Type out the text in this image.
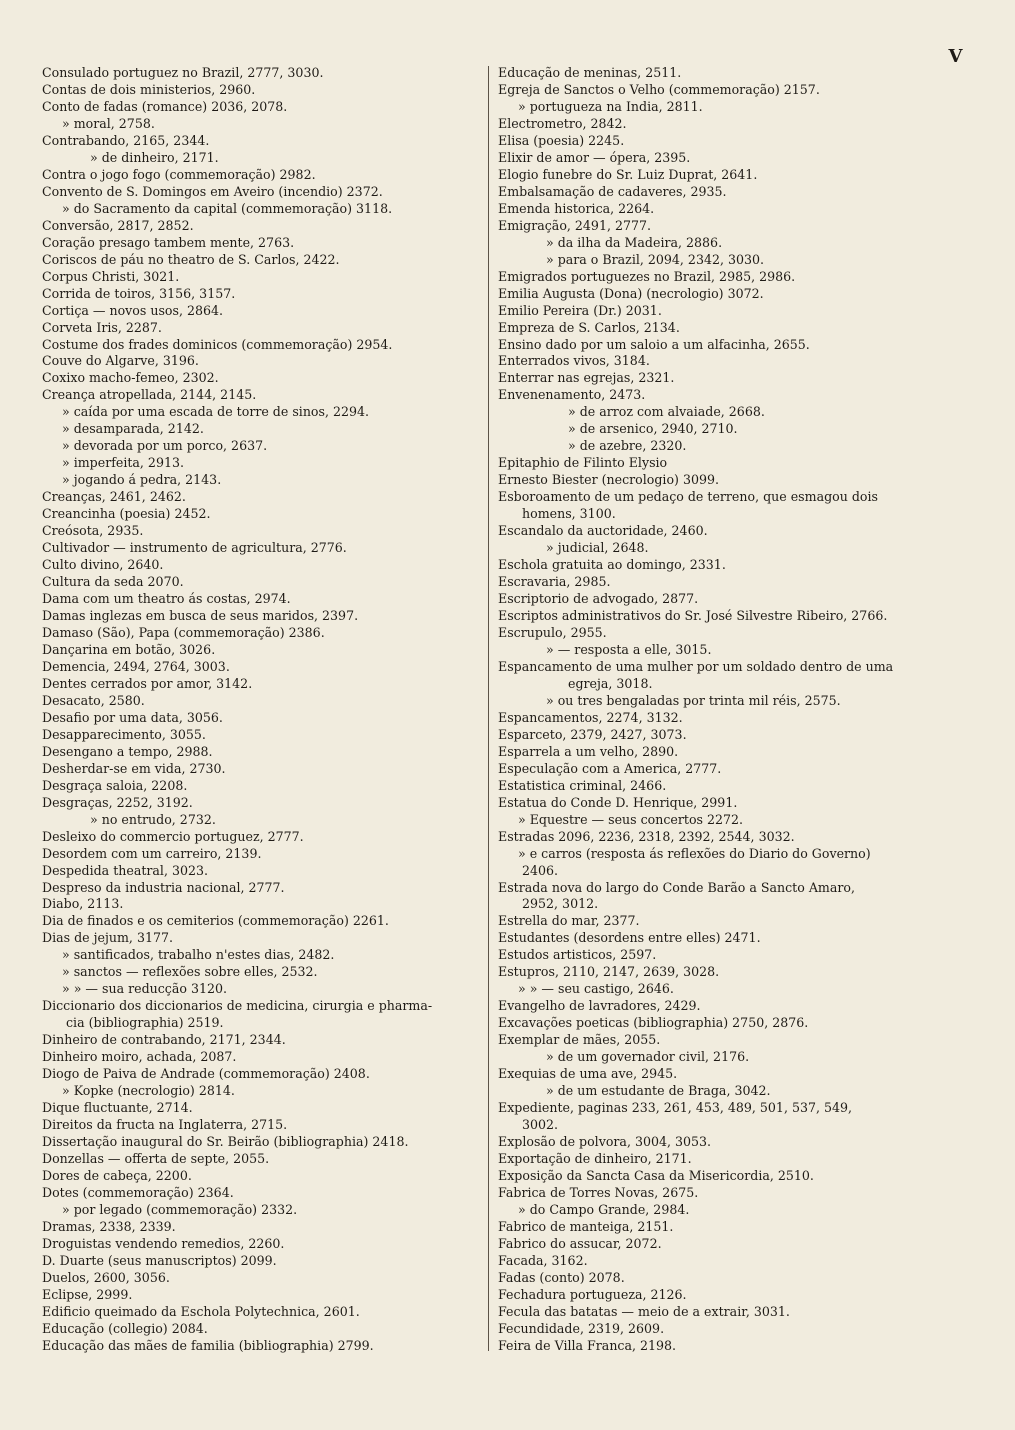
V
Consulado portuguez no Brazil, 2777, 3030.
Contas de dois ministerios, 2960.
Conto de fadas (romance) 2036, 2078.
» moral, 2758.
Contrabando, 2165, 2344.
» de dinheiro, 2171.
Contra o jogo fogo (commemoração) 2982.
Convento de S. Domingos em Aveiro (incendio) 2372.
» do Sacramento da capital (commemoração) 3118.
Conversão, 2817, 2852.
Coração presago tambem mente, 2763.
Coriscos de páu no theatro de S. Carlos, 2422.
Corpus Christi, 3021.
Corrida de toiros, 3156, 3157.
Cortiça — novos usos, 2864.
Corveta Iris, 2287.
Costume dos frades dominicos (commemoração) 2954.
Couve do Algarve, 3196.
Coxixo macho-femeo, 2302.
Creança atropellada, 2144, 2145.
» caída por uma escada de torre de sinos, 2294.
» desamparada, 2142.
» devorada por um porco, 2637.
» imperfeita, 2913.
» jogando á pedra, 2143.
Creanças, 2461, 2462.
Creancinha (poesia) 2452.
Creósota, 2935.
Cultivador — instrumento de agricultura, 2776.
Culto divino, 2640.
Cultura da seda 2070.
Dama com um theatro ás costas, 2974.
Damas inglezas em busca de seus maridos, 2397.
Damaso (São), Papa (commemoração) 2386.
Dançarina em botão, 3026.
Demencia, 2494, 2764, 3003.
Dentes cerrados por amor, 3142.
Desacato, 2580.
Desafio por uma data, 3056.
Desapparecimento, 3055.
Desengano a tempo, 2988.
Desherdar-se em vida, 2730.
Desgraça saloia, 2208.
Desgraças, 2252, 3192.
» no entrudo, 2732.
Desleixo do commercio portuguez, 2777.
Desordem com um carreiro, 2139.
Despedida theatral, 3023.
Despreso da industria nacional, 2777.
Diabo, 2113.
Dia de finados e os cemiterios (commemoração) 2261.
Dias de jejum, 3177.
» santificados, trabalho n'estes dias, 2482.
» sanctos — reflexões sobre elles, 2532.
» » — sua reducção 3120.
Diccionario dos diccionarios de medicina, cirurgia e pharma-
cia (bibliographia) 2519.
Dinheiro de contrabando, 2171, 2344.
Dinheiro moiro, achada, 2087.
Diogo de Paiva de Andrade (commemoração) 2408.
» Kopke (necrologio) 2814.
Dique fluctuante, 2714.
Direitos da fructa na Inglaterra, 2715.
Dissertação inaugural do Sr. Beirão (bibliographia) 2418.
Donzellas — offerta de septe, 2055.
Dores de cabeça, 2200.
Dotes (commemoração) 2364.
» por legado (commemoração) 2332.
Dramas, 2338, 2339.
Droguistas vendendo remedios, 2260.
D. Duarte (seus manuscriptos) 2099.
Duelos, 2600, 3056.
Eclipse, 2999.
Edificio queimado da Eschola Polytechnica, 2601.
Educação (collegio) 2084.
Educação das mães de familia (bibliographia) 2799.
Educação de meninas, 2511.
Egreja de Sanctos o Velho (commemoração) 2157.
» portugueza na India, 2811.
Electrometro, 2842.
Elisa (poesia) 2245.
Elixir de amor — ópera, 2395.
Elogio funebre do Sr. Luiz Duprat, 2641.
Embalsamação de cadaveres, 2935.
Emenda historica, 2264.
Emigração, 2491, 2777.
» da ilha da Madeira, 2886.
» para o Brazil, 2094, 2342, 3030.
Emigrados portuguezes no Brazil, 2985, 2986.
Emilia Augusta (Dona) (necrologio) 3072.
Emilio Pereira (Dr.) 2031.
Empreza de S. Carlos, 2134.
Ensino dado por um saloio a um alfacinha, 2655.
Enterrados vivos, 3184.
Enterrar nas egrejas, 2321.
Envenenamento, 2473.
» de arroz com alvaiade, 2668.
» de arsenico, 2940, 2710.
» de azebre, 2320.
Epitaphio de Filinto Elysio
Ernesto Biester (necrologio) 3099.
Esboroamento de um pedaço de terreno, que esmagou dois
homens, 3100.
Escandalo da auctoridade, 2460.
» judicial, 2648.
Eschola gratuita ao domingo, 2331.
Escravaria, 2985.
Escriptorio de advogado, 2877.
Escriptos administrativos do Sr. José Silvestre Ribeiro, 2766.
Escrupulo, 2955.
» — resposta a elle, 3015.
Espancamento de uma mulher por um soldado dentro de uma
egreja, 3018.
» ou tres bengaladas por trinta mil réis, 2575.
Espancamentos, 2274, 3132.
Esparceto, 2379, 2427, 3073.
Esparrela a um velho, 2890.
Especulação com a America, 2777.
Estatistica criminal, 2466.
Estatua do Conde D. Henrique, 2991.
» Equestre — seus concertos 2272.
Estradas 2096, 2236, 2318, 2392, 2544, 3032.
» e carros (resposta ás reflexões do Diario do Governo)
2406.
Estrada nova do largo do Conde Barão a Sancto Amaro,
2952, 3012.
Estrella do mar, 2377.
Estudantes (desordens entre elles) 2471.
Estudos artisticos, 2597.
Estupros, 2110, 2147, 2639, 3028.
» » — seu castigo, 2646.
Evangelho de lavradores, 2429.
Excavações poeticas (bibliographia) 2750, 2876.
Exemplar de mães, 2055.
» de um governador civil, 2176.
Exequias de uma ave, 2945.
» de um estudante de Braga, 3042.
Expediente, paginas 233, 261, 453, 489, 501, 537, 549,
3002.
Explosão de polvora, 3004, 3053.
Exportação de dinheiro, 2171.
Exposição da Sancta Casa da Misericordia, 2510.
Fabrica de Torres Novas, 2675.
» do Campo Grande, 2984.
Fabrico de manteiga, 2151.
Fabrico do assucar, 2072.
Facada, 3162.
Fadas (conto) 2078.
Fechadura portugueza, 2126.
Fecula das batatas — meio de a extrair, 3031.
Fecundidade, 2319, 2609.
Feira de Villa Franca, 2198.
